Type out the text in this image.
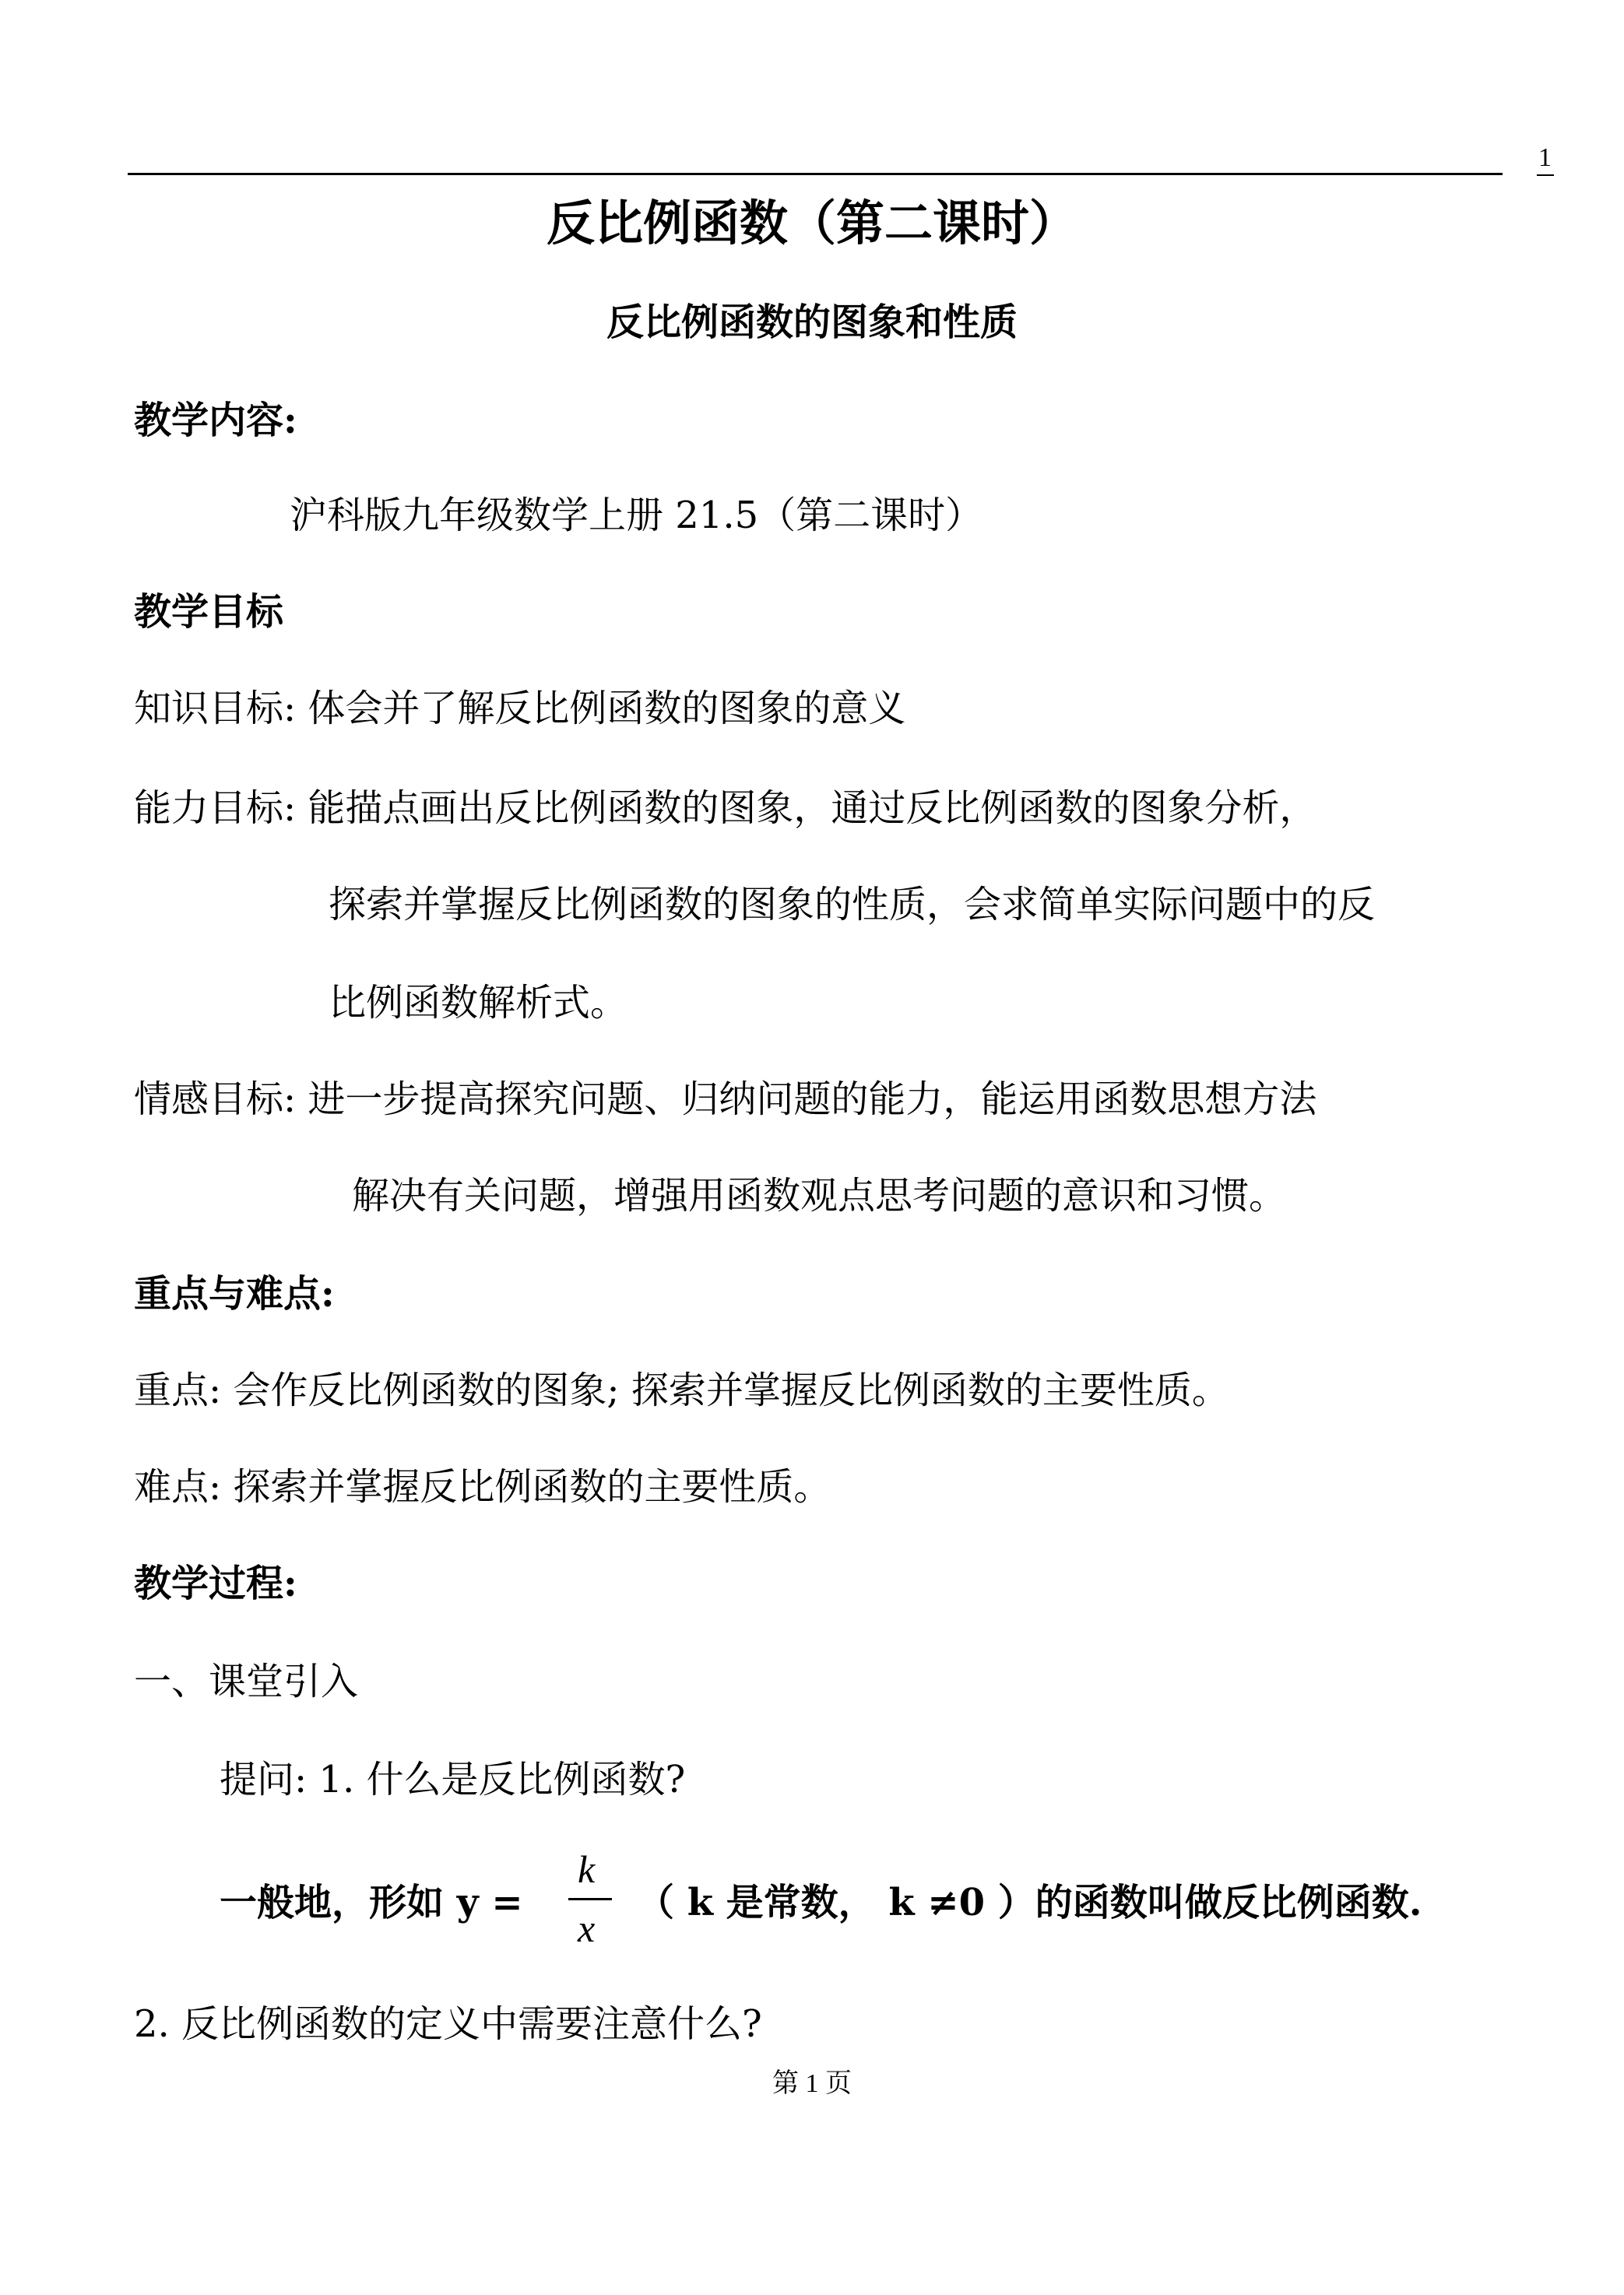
1
反比例函数（第二课时）
反比例函数的图象和性质
教学内容:
沪科版九年级数学上册 21.5（第二课时）
教学目标
知识目标: 体会并了解反比例函数的图象的意义
能力目标: 能描点画出反比例函数的图象，通过反比例函数的图象分析，
探索并掌握反比例函数的图象的性质，会求简单实际问题中的反
比例函数解析式。
情感目标: 进一步提高探究问题、归纳问题的能力，能运用函数思想方法
解决有关问题，增强用函数观点思考问题的意识和习惯。
重点与难点:
重点: 会作反比例函数的图象; 探索并掌握反比例函数的主要性质。
难点: 探索并掌握反比例函数的主要性质。
教学过程:
一、课堂引入
提问: 1. 什么是反比例函数?
一般地，形如 y =
k
x
（ k 是常数， k ≠0 ）的函数叫做反比例函数.
2. 反比例函数的定义中需要注意什么?
第 1 页
